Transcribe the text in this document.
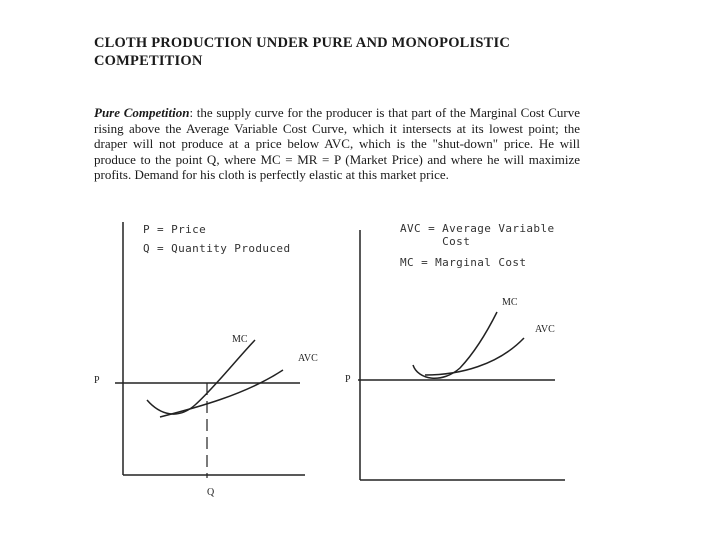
CLOTH PRODUCTION UNDER PURE AND MONOPOLISTIC COMPETITION

Pure Competition: the supply curve for the producer is that part of the Marginal Cost Curve rising above the Average Variable Cost Curve, which it intersects at its lowest point; the draper will not produce at a price below AVC, which is the "shut-down" price. He will produce to the point Q, where MC = MR = P (Market Price) and where he will maximize profits. Demand for his cloth is perfectly elastic at this market price.

P = Price
Q = Quantity Produced
MC
AVC
P
Q
AVC = Average Variable
Cost
MC = Marginal Cost
MC
AVC
P
